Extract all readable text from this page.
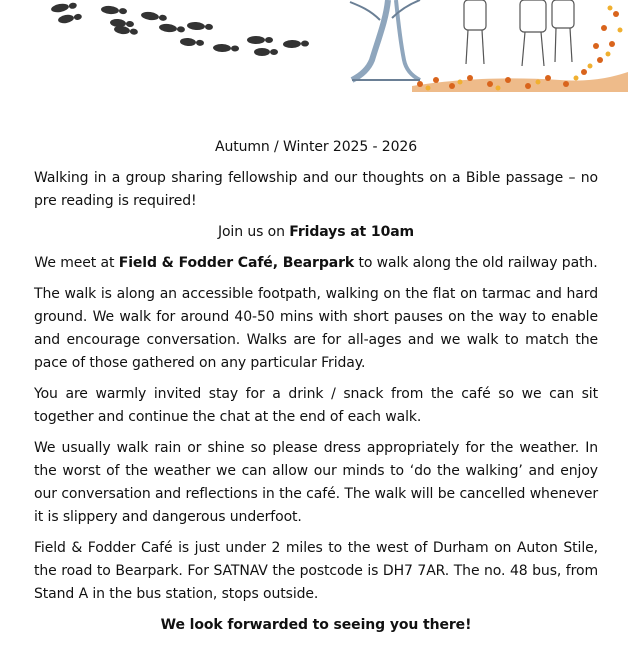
Autumn / Winter 2025 - 2026

Walking in a group sharing fellowship and our thoughts on a Bible passage – no pre reading is required!

Join us on Fridays at 10am

We meet at Field & Fodder Café, Bearpark to walk along the old railway path.

The walk is along an accessible footpath, walking on the flat on tarmac and hard ground. We walk for around 40-50 mins with short pauses on the way to enable and encourage conversation. Walks are for all-ages and we walk to match the pace of those gathered on any particular Friday.

You are warmly invited stay for a drink / snack from the café so we can sit together and continue the chat at the end of each walk.

We usually walk rain or shine so please dress appropriately for the weather. In the worst of the weather we can allow our minds to ‘do the walking’ and enjoy our conversation and reflections in the café. The walk will be cancelled whenever it is slippery and dangerous underfoot.

Field & Fodder Café is just under 2 miles to the west of Durham on Auton Stile, the road to Bearpark. For SATNAV the postcode is DH7 7AR. The no. 48 bus, from Stand A in the bus station, stops outside.

We look forwarded to seeing you there!
